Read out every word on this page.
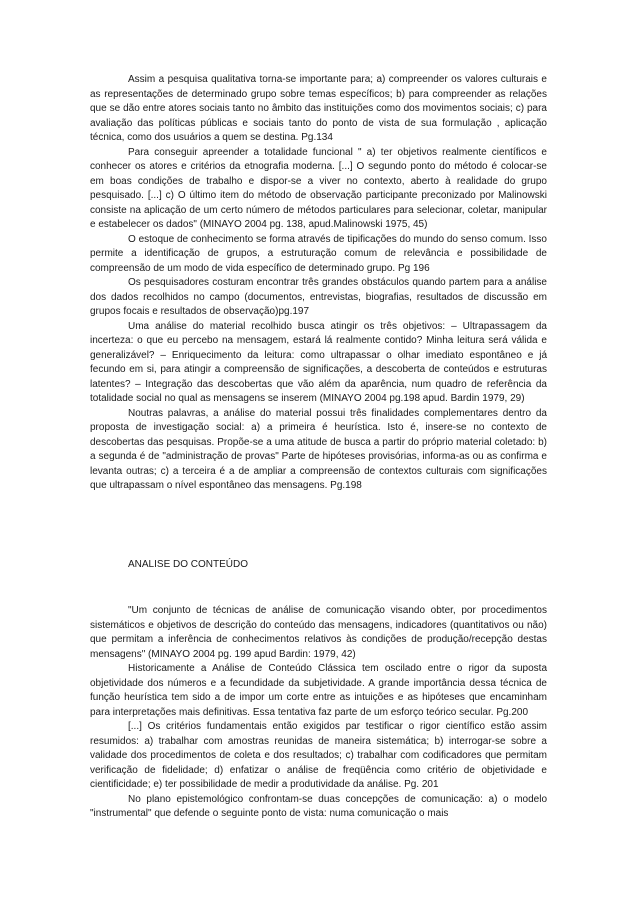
Assim a pesquisa qualitativa torna-se importante para; a) compreender os valores culturais e as representações de determinado grupo sobre temas específicos; b) para compreender as relações que se dão entre atores sociais tanto no âmbito das instituições como dos movimentos sociais; c) para avaliação das políticas públicas e sociais tanto do ponto de vista de sua formulação , aplicação técnica, como dos usuários a quem se destina. Pg.134

Para conseguir apreender a totalidade funcional " a) ter objetivos realmente científicos e conhecer os atores e critérios da etnografia moderna. [...] O segundo ponto do método é colocar-se em boas condições de trabalho e dispor-se a viver no contexto, aberto à realidade do grupo pesquisado. [...] c) O último item do método de observação participante preconizado por Malinowski consiste na aplicação de um certo número de métodos particulares para selecionar, coletar, manipular e estabelecer os dados" (MINAYO 2004 pg. 138, apud.Malinowski 1975, 45)

O estoque de conhecimento se forma através de tipificações do mundo do senso comum. Isso permite a identificação de grupos, a estruturação comum de relevância e possibilidade de compreensão de um modo de vida específico de determinado grupo. Pg 196

Os pesquisadores costuram encontrar três grandes obstáculos quando partem para a análise dos dados recolhidos no campo (documentos, entrevistas, biografias, resultados de discussão em grupos focais e resultados de observação)pg.197

Uma análise do material recolhido busca atingir os três objetivos: – Ultrapassagem da incerteza: o que eu percebo na mensagem, estará lá realmente contido? Minha leitura será válida e generalizável? – Enriquecimento da leitura: como ultrapassar o olhar imediato espontâneo e já fecundo em si, para atingir a compreensão de significações, a descoberta de conteúdos e estruturas latentes? – Integração das descobertas que vão além da aparência, num quadro de referência da totalidade social no qual as mensagens se inserem (MINAYO 2004 pg.198 apud. Bardin 1979, 29)

Noutras palavras, a análise do material possui três finalidades complementares dentro da proposta de investigação social: a) a primeira é heurística. Isto é, insere-se no contexto de descobertas das pesquisas. Propõe-se a uma atitude de busca a partir do próprio material coletado: b) a segunda é de "administração de provas" Parte de hipóteses provisórias, informa-as ou as confirma e levanta outras; c) a terceira é a de ampliar a compreensão de contextos culturais com significações que ultrapassam o nível espontâneo das mensagens. Pg.198

ANALISE DO CONTEÚDO

"Um conjunto de técnicas de análise de comunicação visando obter, por procedimentos sistemáticos e objetivos de descrição do conteúdo das mensagens, indicadores (quantitativos ou não) que permitam a inferência de conhecimentos relativos às condições de produção/recepção destas mensagens" (MINAYO 2004 pg. 199 apud Bardin: 1979, 42)

Historicamente a Análise de Conteúdo Clássica tem oscilado entre o rigor da suposta objetividade dos números e a fecundidade da subjetividade. A grande importância dessa técnica de função heurística tem sido a de impor um corte entre as intuições e as hipóteses que encaminham para interpretações mais definitivas. Essa tentativa faz parte de um esforço teórico secular. Pg.200

[...] Os critérios fundamentais então exigidos par testificar o rigor científico estão assim resumidos: a) trabalhar com amostras reunidas de maneira sistemática; b) interrogar-se sobre a validade dos procedimentos de coleta e dos resultados; c) trabalhar com codificadores que permitam verificação de fidelidade; d) enfatizar o análise de freqüência como critério de objetividade e cientificidade; e) ter possibilidade de medir a produtividade da análise. Pg. 201

No plano epistemológico confrontam-se duas concepções de comunicação: a) o modelo "instrumental" que defende o seguinte ponto de vista: numa comunicação o mais
